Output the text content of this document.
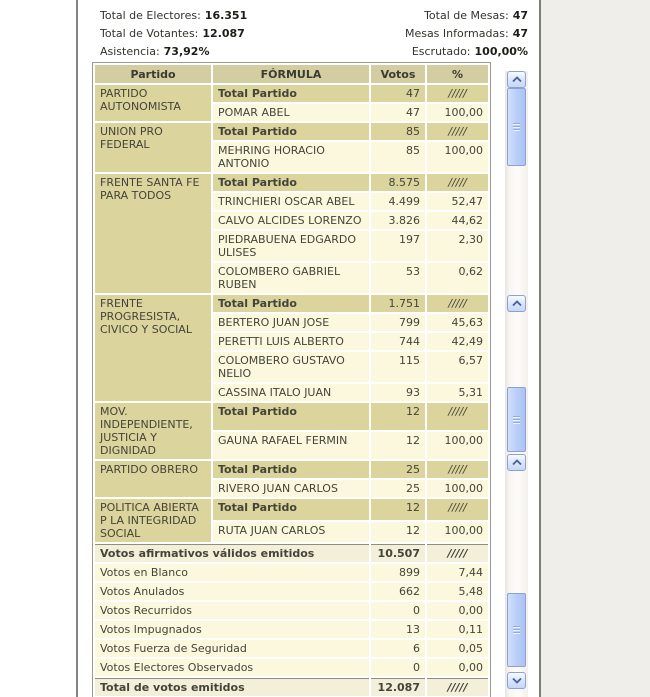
Total de Electores: 16.351
Total de Votantes: 12.087
Asistencia: 73,92%
Total de Mesas: 47
Mesas Informadas: 47
Escrutado: 100,00%
Partido	FÓRMULA	Votos	%
PARTIDO AUTONOMISTA	Total Partido	47	/////
	POMAR ABEL	47	100,00
UNION PRO FEDERAL	Total Partido	85	/////
	MEHRING HORACIO ANTONIO	85	100,00
FRENTE SANTA FE PARA TODOS	Total Partido	8.575	/////
	TRINCHIERI OSCAR ABEL	4.499	52,47
	CALVO ALCIDES LORENZO	3.826	44,62
	PIEDRABUENA EDGARDO ULISES	197	2,30
	COLOMBERO GABRIEL RUBEN	53	0,62
FRENTE PROGRESISTA, CIVICO Y SOCIAL	Total Partido	1.751	/////
	BERTERO JUAN JOSE	799	45,63
	PERETTI LUIS ALBERTO	744	42,49
	COLOMBERO GUSTAVO NELIO	115	6,57
	CASSINA ITALO JUAN	93	5,31
MOV. INDEPENDIENTE, JUSTICIA Y DIGNIDAD	Total Partido	12	/////
	GAUNA RAFAEL FERMIN	12	100,00
PARTIDO OBRERO	Total Partido	25	/////
	RIVERO JUAN CARLOS	25	100,00
POLITICA ABIERTA P LA INTEGRIDAD SOCIAL	Total Partido	12	/////
	RUTA JUAN CARLOS	12	100,00
Votos afirmativos válidos emitidos		10.507	/////
Votos en Blanco		899	7,44
Votos Anulados		662	5,48
Votos Recurridos		0	0,00
Votos Impugnados		13	0,11
Votos Fuerza de Seguridad		6	0,05
Votos Electores Observados		0	0,00
Total de votos emitidos		12.087	/////
